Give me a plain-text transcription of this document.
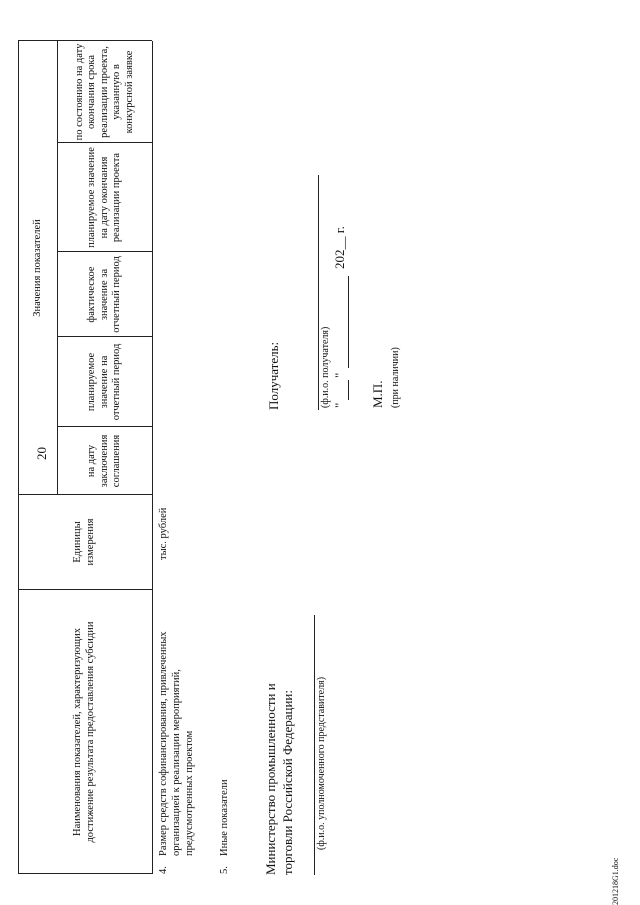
20
Наименования показателей, характеризующих достижение результата предоставления субсидии
Единицы измерения
Значения показателей
на дату заключения соглашения
планируемое значение на отчетный период
фактическое значение за отчетный период
планируемое значение на дату окончания реализации проекта
по состоянию на дату окончания срока реализации проекта, указанную в конкурсной заявке
4.
Размер средств софинансирования, привлеченных организацией к реализации мероприятий, предусмотренных проектом
тыс. рублей
5.
Иные показатели	Министерство промышленности и торговли Российской Федерации: (ф.и.о. уполномоченного представителя)
Получатель:	(ф.и.о. получателя) "
"
202__ г.
М.П. (при наличии)
201218G1.doc
